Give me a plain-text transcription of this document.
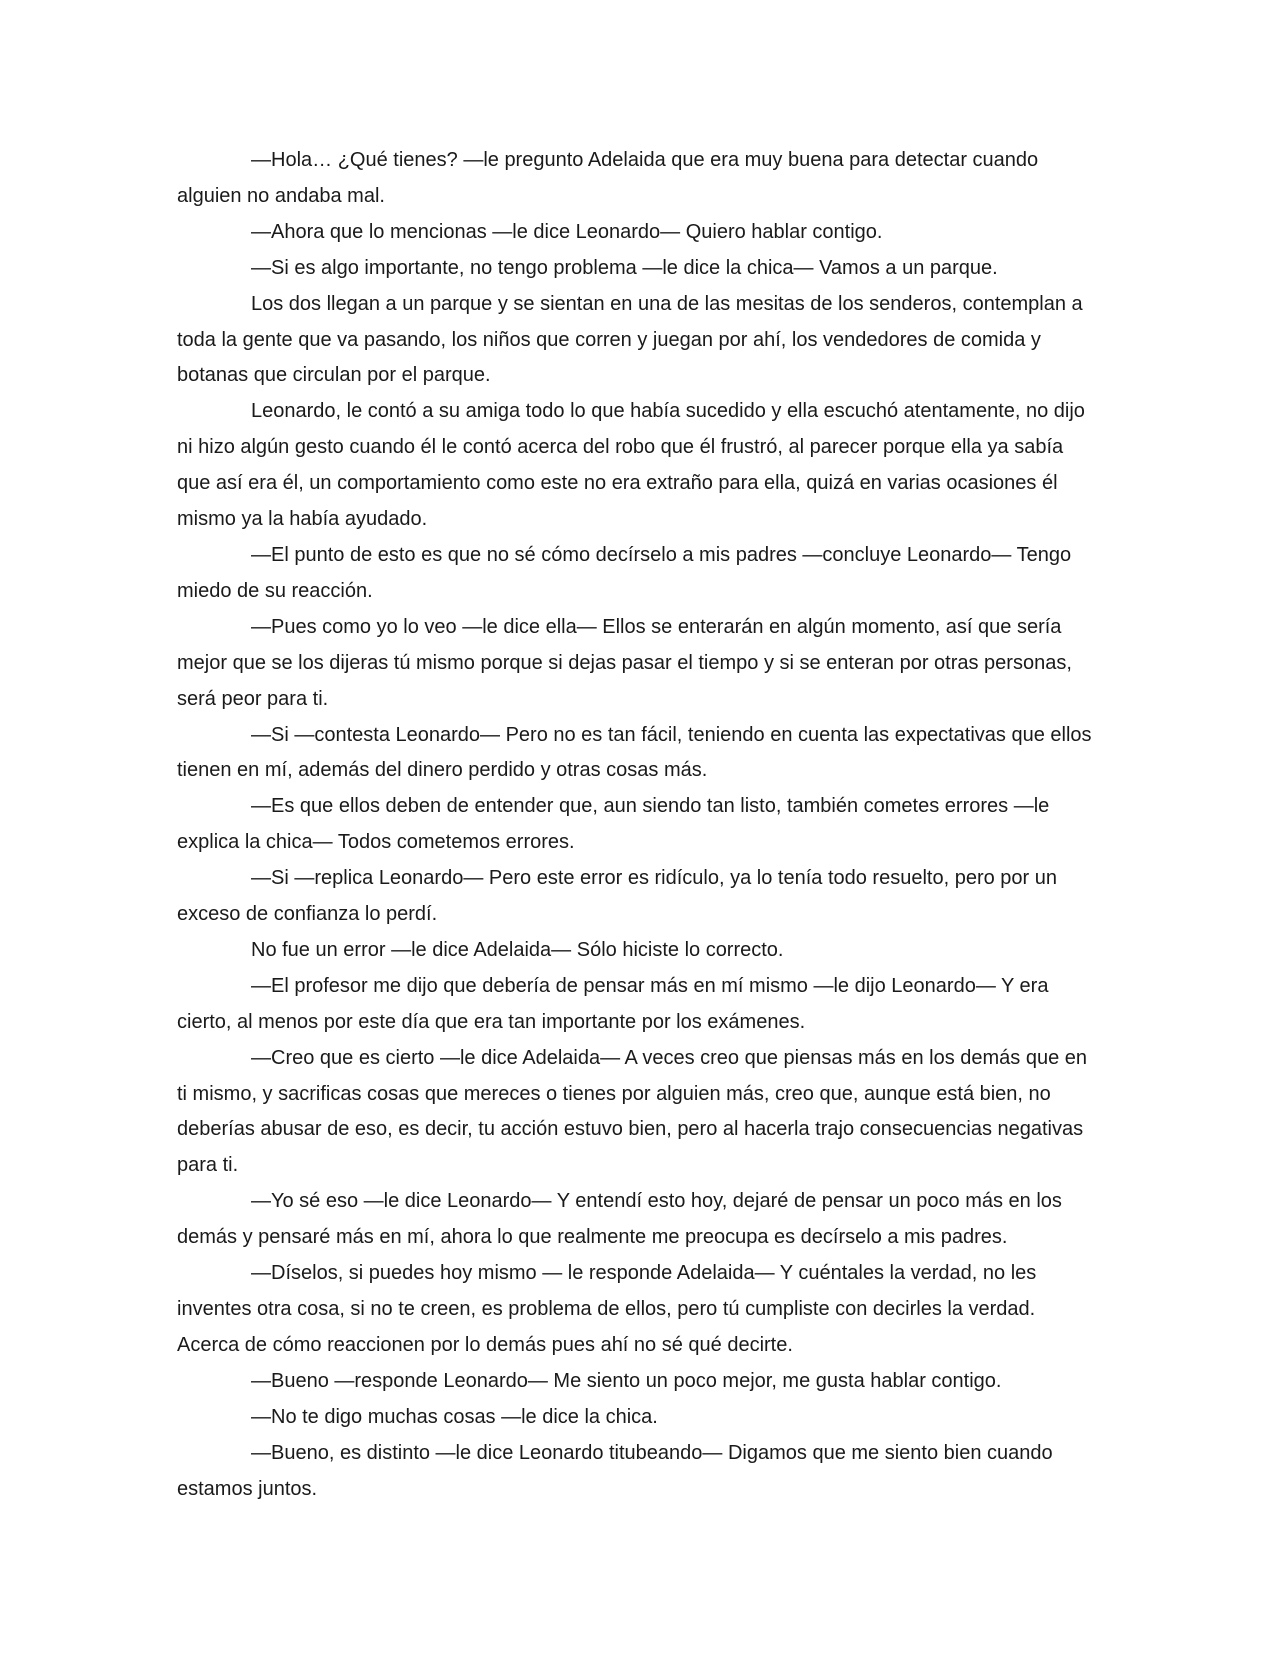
—Hola… ¿Qué tienes? —le pregunto Adelaida que era muy buena para detectar cuando alguien no andaba mal.

—Ahora que lo mencionas —le dice Leonardo— Quiero hablar contigo.

—Si es algo importante, no tengo problema —le dice la chica— Vamos a un parque.

Los dos llegan a un parque y se sientan en una de las mesitas de los senderos, contemplan a toda la gente que va pasando, los niños que corren y juegan por ahí, los vendedores de comida y botanas que circulan por el parque.

Leonardo, le contó a su amiga todo lo que había sucedido y ella escuchó atentamente, no dijo ni hizo algún gesto cuando él le contó acerca del robo que él frustró, al parecer porque ella ya sabía que así era él, un comportamiento como este no era extraño para ella, quizá en varias ocasiones él mismo ya la había ayudado.

—El punto de esto es que no sé cómo decírselo a mis padres —concluye Leonardo— Tengo miedo de su reacción.

—Pues como yo lo veo —le dice ella— Ellos se enterarán en algún momento, así que sería mejor que se los dijeras tú mismo porque si dejas pasar el tiempo y si se enteran por otras personas, será peor para ti.

—Si —contesta Leonardo— Pero no es tan fácil, teniendo en cuenta las expectativas que ellos tienen en mí, además del dinero perdido y otras cosas más.

—Es que ellos deben de entender que, aun siendo tan listo, también cometes errores —le explica la chica— Todos cometemos errores.

—Si —replica Leonardo— Pero este error es ridículo, ya lo tenía todo resuelto, pero por un exceso de confianza lo perdí.

No fue un error —le dice Adelaida— Sólo hiciste lo correcto.

—El profesor me dijo que debería de pensar más en mí mismo —le dijo Leonardo— Y era cierto, al menos por este día que era tan importante por los exámenes.

—Creo que es cierto —le dice Adelaida— A veces creo que piensas más en los demás que en ti mismo, y sacrificas cosas que mereces o tienes por alguien más, creo que, aunque está bien, no deberías abusar de eso, es decir, tu acción estuvo bien, pero al hacerla trajo consecuencias negativas para ti.

—Yo sé eso —le dice Leonardo— Y entendí esto hoy, dejaré de pensar un poco más en los demás y pensaré más en mí, ahora lo que realmente me preocupa es decírselo a mis padres.

—Díselos, si puedes hoy mismo — le responde Adelaida— Y cuéntales la verdad, no les inventes otra cosa, si no te creen, es problema de ellos, pero tú cumpliste con decirles la verdad. Acerca de cómo reaccionen por lo demás pues ahí no sé qué decirte.

—Bueno —responde Leonardo— Me siento un poco mejor, me gusta hablar contigo.

—No te digo muchas cosas —le dice la chica.

—Bueno, es distinto —le dice Leonardo titubeando— Digamos que me siento bien cuando estamos juntos.
